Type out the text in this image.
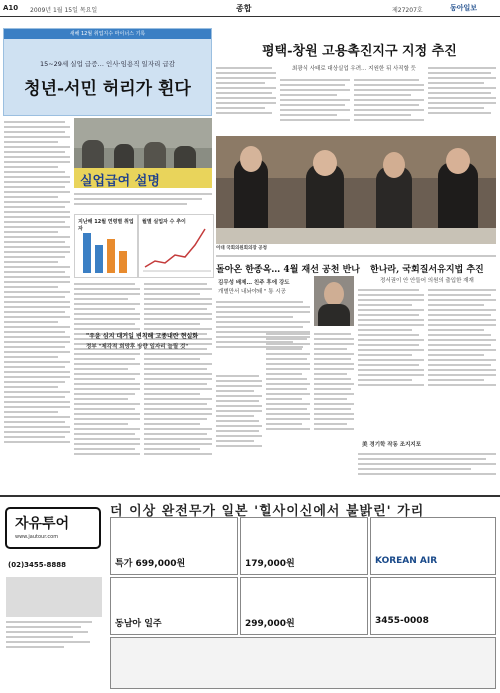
A10 2009년 1월 15일 목요일	종합	제27207호	동아일보
새해 12월 취업지수 마이너스 기록
15~29세 실업 급증… 인사·임용직 일자리 급감
청년-서민 허리가 휜다
실업급여 설명
지난해 12월 연령별 취업자
월별 실업자 수 추이
평택-창원 고용촉진지구 지정 추진
최광식 사태로 대상실업 우려… 지원한 뒤 사직할 듯
이대 국회의원회의장 공청
돌아온 한종옥… 4월 재선 공천 반나
김무성 배제… 친주 후에 강도
개별만서 내놔야돼 " 통 시공
"우윤 심지 대거일 변칙해 고종내란 현실화
정부 "제각적 희망후 방향 일자리 늘릴 것"
한나라, 국회질서유지법 추진
정서권이 안 안들어 의원의 출입한 재재
美 경기학 작동 조지지포
자유투어
www.jautour.com
(02)3455-8888
더 이상 완전무가 일본 '힐사이신에서 불밝린' 가리
특가 699,000원	179,000원	KOREAN AIR
동남아 일주	299,000원	3455-0008
